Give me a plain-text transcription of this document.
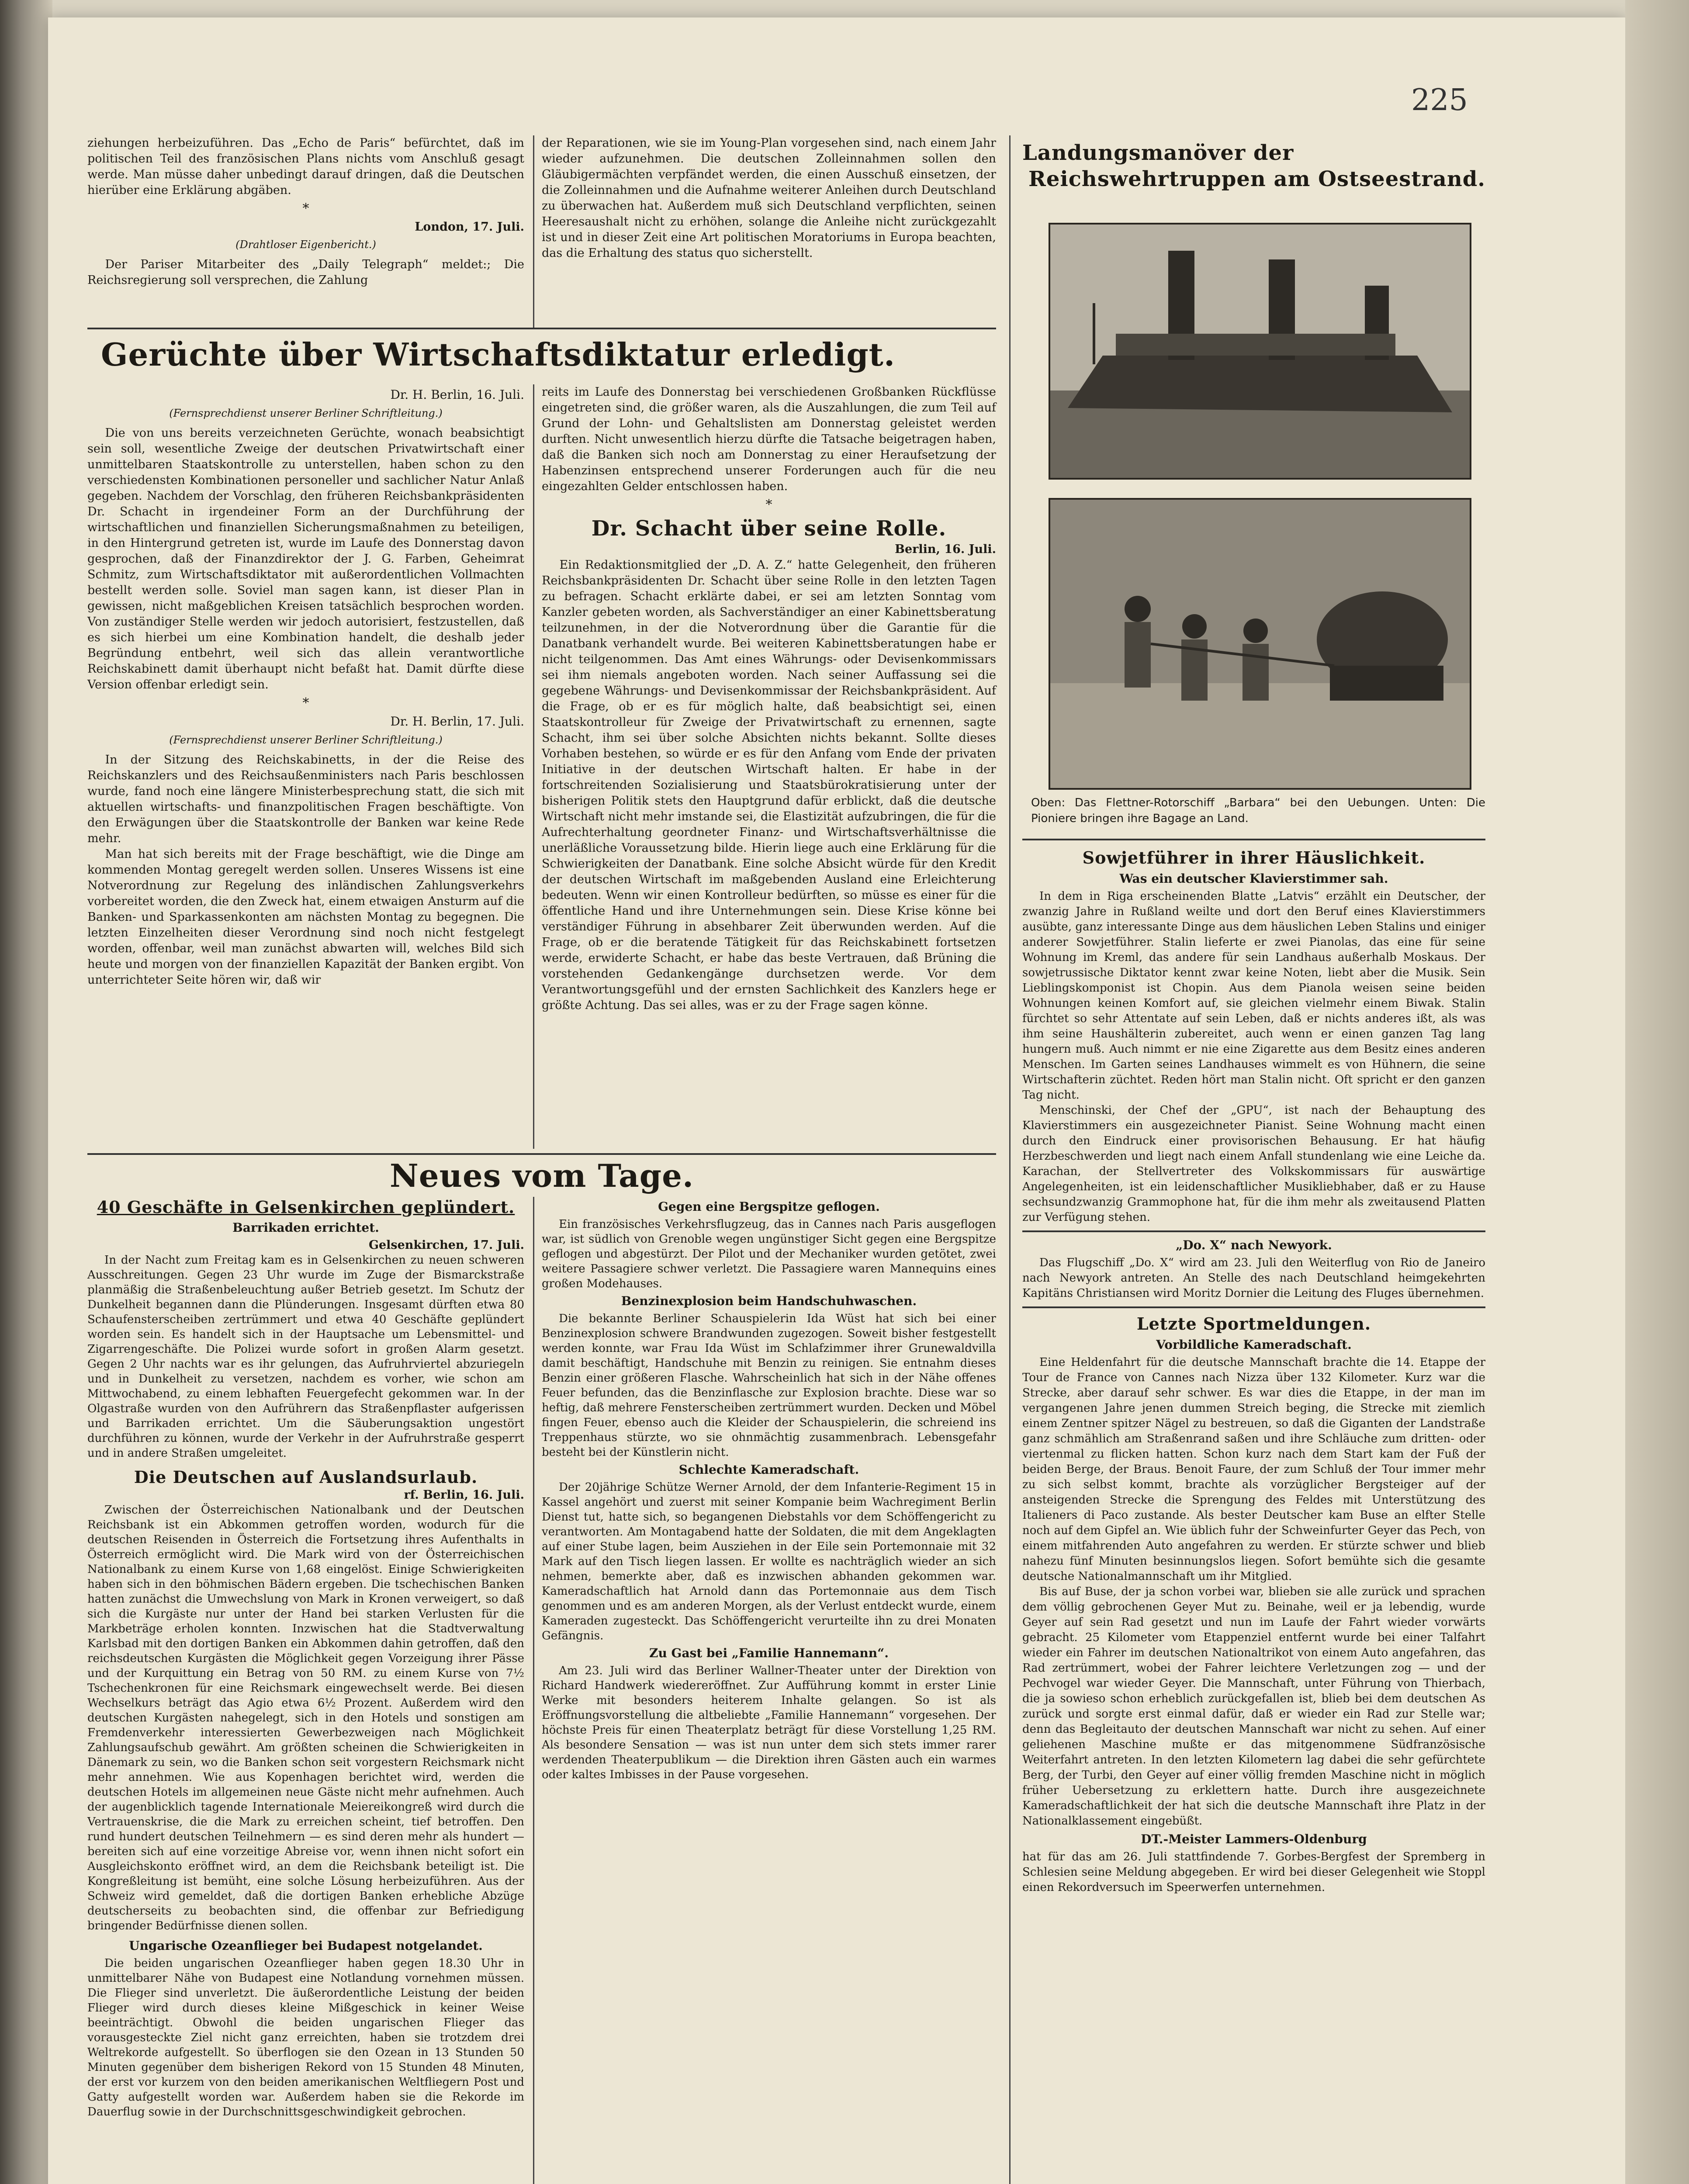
225

ziehungen herbeizuführen. Das „Echo de Paris“ befürchtet, daß im politischen Teil des französischen Plans nichts vom Anschluß gesagt werde. Man müsse daher unbedingt darauf dringen, daß die Deutschen hierüber eine Erklärung abgäben.

*
London, 17. Juli.
(Drahtloser Eigenbericht.)

Der Pariser Mitarbeiter des „Daily Telegraph“ meldet:; Die Reichsregierung soll versprechen, die Zahlung

der Reparationen, wie sie im Young-Plan vorgesehen sind, nach einem Jahr wieder aufzunehmen. Die deutschen Zolleinnahmen sollen den Gläubigermächten verpfändet werden, die einen Ausschuß einsetzen, der die Zolleinnahmen und die Aufnahme weiterer Anleihen durch Deutschland zu überwachen hat. Außerdem muß sich Deutschland verpflichten, seinen Heeresaushalt nicht zu erhöhen, solange die Anleihe nicht zurückgezahlt ist und in dieser Zeit eine Art politischen Moratoriums in Europa beachten, das die Erhaltung des status quo sicherstellt.

Gerüchte über Wirtschaftsdiktatur erledigt.
Dr. H. Berlin, 16. Juli.
(Fernsprechdienst unserer Berliner Schriftleitung.)

Die von uns bereits verzeichneten Gerüchte, wonach beabsichtigt sein soll, wesentliche Zweige der deutschen Privatwirtschaft einer unmittelbaren Staatskontrolle zu unterstellen, haben schon zu den verschiedensten Kombinationen personeller und sachlicher Natur Anlaß gegeben. Nachdem der Vorschlag, den früheren Reichsbankpräsidenten Dr. Schacht in irgendeiner Form an der Durchführung der wirtschaftlichen und finanziellen Sicherungsmaßnahmen zu beteiligen, in den Hintergrund getreten ist, wurde im Laufe des Donnerstag davon gesprochen, daß der Finanzdirektor der J. G. Farben, Geheimrat Schmitz, zum Wirtschaftsdiktator mit außerordentlichen Vollmachten bestellt werden solle. Soviel man sagen kann, ist dieser Plan in gewissen, nicht maßgeblichen Kreisen tatsächlich besprochen worden. Von zuständiger Stelle werden wir jedoch autorisiert, festzustellen, daß es sich hierbei um eine Kombination handelt, die deshalb jeder Begründung entbehrt, weil sich das allein verantwortliche Reichskabinett damit überhaupt nicht befaßt hat. Damit dürfte diese Version offenbar erledigt sein.

*
Dr. H. Berlin, 17. Juli.
(Fernsprechdienst unserer Berliner Schriftleitung.)

In der Sitzung des Reichskabinetts, in der die Reise des Reichskanzlers und des Reichsaußenministers nach Paris beschlossen wurde, fand noch eine längere Ministerbesprechung statt, die sich mit aktuellen wirtschafts- und finanzpolitischen Fragen beschäftigte. Von den Erwägungen über die Staatskontrolle der Banken war keine Rede mehr.

Man hat sich bereits mit der Frage beschäftigt, wie die Dinge am kommenden Montag geregelt werden sollen. Unseres Wissens ist eine Notverordnung zur Regelung des inländischen Zahlungsverkehrs vorbereitet worden, die den Zweck hat, einem etwaigen Ansturm auf die Banken- und Sparkassenkonten am nächsten Montag zu begegnen. Die letzten Einzelheiten dieser Verordnung sind noch nicht festgelegt worden, offenbar, weil man zunächst abwarten will, welches Bild sich heute und morgen von der finanziellen Kapazität der Banken ergibt. Von unterrichteter Seite hören wir, daß wir

reits im Laufe des Donnerstag bei verschiedenen Großbanken Rückflüsse eingetreten sind, die größer waren, als die Auszahlungen, die zum Teil auf Grund der Lohn- und Gehaltslisten am Donnerstag geleistet werden durften. Nicht unwesentlich hierzu dürfte die Tatsache beigetragen haben, daß die Banken sich noch am Donnerstag zu einer Heraufsetzung der Habenzinsen entsprechend unserer Forderungen auch für die neu eingezahlten Gelder entschlossen haben.

*
Dr. Schacht über seine Rolle.
Berlin, 16. Juli.

Ein Redaktionsmitglied der „D. A. Z.“ hatte Gelegenheit, den früheren Reichsbankpräsidenten Dr. Schacht über seine Rolle in den letzten Tagen zu befragen. Schacht erklärte dabei, er sei am letzten Sonntag vom Kanzler gebeten worden, als Sachverständiger an einer Kabinettsberatung teilzunehmen, in der die Notverordnung über die Garantie für die Danatbank verhandelt wurde. Bei weiteren Kabinettsberatungen habe er nicht teilgenommen. Das Amt eines Währungs- oder Devisenkommissars sei ihm niemals angeboten worden. Nach seiner Auffassung sei die gegebene Währungs- und Devisenkommissar der Reichsbankpräsident. Auf die Frage, ob er es für möglich halte, daß beabsichtigt sei, einen Staatskontrolleur für Zweige der Privatwirtschaft zu ernennen, sagte Schacht, ihm sei über solche Absichten nichts bekannt. Sollte dieses Vorhaben bestehen, so würde er es für den Anfang vom Ende der privaten Initiative in der deutschen Wirtschaft halten. Er habe in der fortschreitenden Sozialisierung und Staatsbürokratisierung unter der bisherigen Politik stets den Hauptgrund dafür erblickt, daß die deutsche Wirtschaft nicht mehr imstande sei, die Elastizität aufzubringen, die für die Aufrechterhaltung geordneter Finanz- und Wirtschaftsverhältnisse die unerläßliche Voraussetzung bilde. Hierin liege auch eine Erklärung für die Schwierigkeiten der Danatbank. Eine solche Absicht würde für den Kredit der deutschen Wirtschaft im maßgebenden Ausland eine Erleichterung bedeuten. Wenn wir einen Kontrolleur bedürften, so müsse es einer für die öffentliche Hand und ihre Unternehmungen sein. Diese Krise könne bei verständiger Führung in absehbarer Zeit überwunden werden. Auf die Frage, ob er die beratende Tätigkeit für das Reichskabinett fortsetzen werde, erwiderte Schacht, er habe das beste Vertrauen, daß Brüning die vorstehenden Gedankengänge durchsetzen werde. Vor dem Verantwortungsgefühl und der ernsten Sachlichkeit des Kanzlers hege er größte Achtung. Das sei alles, was er zu der Frage sagen könne.

Neues vom Tage.
40 Geschäfte in Gelsenkirchen geplündert.
Barrikaden errichtet.
Gelsenkirchen, 17. Juli.

In der Nacht zum Freitag kam es in Gelsenkirchen zu neuen schweren Ausschreitungen. Gegen 23 Uhr wurde im Zuge der Bismarckstraße planmäßig die Straßenbeleuchtung außer Betrieb gesetzt. Im Schutz der Dunkelheit begannen dann die Plünderungen. Insgesamt dürften etwa 80 Schaufensterscheiben zertrümmert und etwa 40 Geschäfte geplündert worden sein. Es handelt sich in der Hauptsache um Lebensmittel- und Zigarrengeschäfte. Die Polizei wurde sofort in großen Alarm gesetzt. Gegen 2 Uhr nachts war es ihr gelungen, das Aufruhrviertel abzuriegeln und in Dunkelheit zu versetzen, nachdem es vorher, wie schon am Mittwochabend, zu einem lebhaften Feuergefecht gekommen war. In der Olgastraße wurden von den Aufrührern das Straßenpflaster aufgerissen und Barrikaden errichtet. Um die Säuberungsaktion ungestört durchführen zu können, wurde der Verkehr in der Aufruhrstraße gesperrt und in andere Straßen umgeleitet.

Die Deutschen auf Auslandsurlaub.
rf. Berlin, 16. Juli.

Zwischen der Österreichischen Nationalbank und der Deutschen Reichsbank ist ein Abkommen getroffen worden, wodurch für die deutschen Reisenden in Österreich die Fortsetzung ihres Aufenthalts in Österreich ermöglicht wird. Die Mark wird von der Österreichischen Nationalbank zu einem Kurse von 1,68 eingelöst. Einige Schwierigkeiten haben sich in den böhmischen Bädern ergeben. Die tschechischen Banken hatten zunächst die Umwechslung von Mark in Kronen verweigert, so daß sich die Kurgäste nur unter der Hand bei starken Verlusten für die Markbeträge erholen konnten. Inzwischen hat die Stadtverwaltung Karlsbad mit den dortigen Banken ein Abkommen dahin getroffen, daß den reichsdeutschen Kurgästen die Möglichkeit gegen Vorzeigung ihrer Pässe und der Kurquittung ein Betrag von 50 RM. zu einem Kurse von 7½ Tschechenkronen für eine Reichsmark eingewechselt werde. Bei diesen Wechselkurs beträgt das Agio etwa 6½ Prozent. Außerdem wird den deutschen Kurgästen nahegelegt, sich in den Hotels und sonstigen am Fremdenverkehr interessierten Gewerbezweigen nach Möglichkeit Zahlungsaufschub gewährt. Am größten scheinen die Schwierigkeiten in Dänemark zu sein, wo die Banken schon seit vorgestern Reichsmark nicht mehr annehmen. Wie aus Kopenhagen berichtet wird, werden die deutschen Hotels im allgemeinen neue Gäste nicht mehr aufnehmen. Auch der augenblicklich tagende Internationale Meiereikongreß wird durch die Vertrauenskrise, die die Mark zu erreichen scheint, tief betroffen. Den rund hundert deutschen Teilnehmern — es sind deren mehr als hundert — bereiten sich auf eine vorzeitige Abreise vor, wenn ihnen nicht sofort ein Ausgleichskonto eröffnet wird, an dem die Reichsbank beteiligt ist. Die Kongreßleitung ist bemüht, eine solche Lösung herbeizuführen. Aus der Schweiz wird gemeldet, daß die dortigen Banken erhebliche Abzüge deutscherseits zu beobachten sind, die offenbar zur Befriedigung bringender Bedürfnisse dienen sollen.

Ungarische Ozeanflieger bei Budapest notgelandet.

Die beiden ungarischen Ozeanflieger haben gegen 18.30 Uhr in unmittelbarer Nähe von Budapest eine Notlandung vornehmen müssen. Die Flieger sind unverletzt. Die äußerordentliche Leistung der beiden Flieger wird durch dieses kleine Mißgeschick in keiner Weise beeinträchtigt. Obwohl die beiden ungarischen Flieger das vorausgesteckte Ziel nicht ganz erreichten, haben sie trotzdem drei Weltrekorde aufgestellt. So überflogen sie den Ozean in 13 Stunden 50 Minuten gegenüber dem bisherigen Rekord von 15 Stunden 48 Minuten, der erst vor kurzem von den beiden amerikanischen Weltfliegern Post und Gatty aufgestellt worden war. Außerdem haben sie die Rekorde im Dauerflug sowie in der Durchschnittsgeschwindigkeit gebrochen.

Gegen eine Bergspitze geflogen.

Ein französisches Verkehrsflugzeug, das in Cannes nach Paris ausgeflogen war, ist südlich von Grenoble wegen ungünstiger Sicht gegen eine Bergspitze geflogen und abgestürzt. Der Pilot und der Mechaniker wurden getötet, zwei weitere Passagiere schwer verletzt. Die Passagiere waren Mannequins eines großen Modehauses.

Benzinexplosion beim Handschuhwaschen.

Die bekannte Berliner Schauspielerin Ida Wüst hat sich bei einer Benzinexplosion schwere Brandwunden zugezogen. Soweit bisher festgestellt werden konnte, war Frau Ida Wüst im Schlafzimmer ihrer Grunewaldvilla damit beschäftigt, Handschuhe mit Benzin zu reinigen. Sie entnahm dieses Benzin einer größeren Flasche. Wahrscheinlich hat sich in der Nähe offenes Feuer befunden, das die Benzinflasche zur Explosion brachte. Diese war so heftig, daß mehrere Fensterscheiben zertrümmert wurden. Decken und Möbel fingen Feuer, ebenso auch die Kleider der Schauspielerin, die schreiend ins Treppenhaus stürzte, wo sie ohnmächtig zusammenbrach. Lebensgefahr besteht bei der Künstlerin nicht.

Schlechte Kameradschaft.

Der 20jährige Schütze Werner Arnold, der dem Infanterie-Regiment 15 in Kassel angehört und zuerst mit seiner Kompanie beim Wachregiment Berlin Dienst tut, hatte sich, so begangenen Diebstahls vor dem Schöffengericht zu verantworten. Am Montagabend hatte der Soldaten, die mit dem Angeklagten auf einer Stube lagen, beim Ausziehen in der Eile sein Portemonnaie mit 32 Mark auf den Tisch liegen lassen. Er wollte es nachträglich wieder an sich nehmen, bemerkte aber, daß es inzwischen abhanden gekommen war. Kameradschaftlich hat Arnold dann das Portemonnaie aus dem Tisch genommen und es am anderen Morgen, als der Verlust entdeckt wurde, einem Kameraden zugesteckt. Das Schöffengericht verurteilte ihn zu drei Monaten Gefängnis.

Zu Gast bei „Familie Hannemann“.

Am 23. Juli wird das Berliner Wallner-Theater unter der Direktion von Richard Handwerk wiedereröffnet. Zur Aufführung kommt in erster Linie Werke mit besonders heiterem Inhalte gelangen. So ist als Eröffnungsvorstellung die altbeliebte „Familie Hannemann“ vorgesehen. Der höchste Preis für einen Theaterplatz beträgt für diese Vorstellung 1,25 RM. Als besondere Sensation — was ist nun unter dem sich stets immer rarer werdenden Theaterpublikum — die Direktion ihren Gästen auch ein warmes oder kaltes Imbisses in der Pause vorgesehen.

Landungsmanöver der
Reichswehrtruppen am Ostseestrand.
Oben: Das Flettner-Rotorschiff „Barbara“ bei den Uebungen. Unten: Die Pioniere bringen ihre Bagage an Land.
Sowjetführer in ihrer Häuslichkeit.
Was ein deutscher Klavierstimmer sah.

In dem in Riga erscheinenden Blatte „Latvis“ erzählt ein Deutscher, der zwanzig Jahre in Rußland weilte und dort den Beruf eines Klavierstimmers ausübte, ganz interessante Dinge aus dem häuslichen Leben Stalins und einiger anderer Sowjetführer. Stalin lieferte er zwei Pianolas, das eine für seine Wohnung im Kreml, das andere für sein Landhaus außerhalb Moskaus. Der sowjetrussische Diktator kennt zwar keine Noten, liebt aber die Musik. Sein Lieblingskomponist ist Chopin. Aus dem Pianola weisen seine beiden Wohnungen keinen Komfort auf, sie gleichen vielmehr einem Biwak. Stalin fürchtet so sehr Attentate auf sein Leben, daß er nichts anderes ißt, als was ihm seine Haushälterin zubereitet, auch wenn er einen ganzen Tag lang hungern muß. Auch nimmt er nie eine Zigarette aus dem Besitz eines anderen Menschen. Im Garten seines Landhauses wimmelt es von Hühnern, die seine Wirtschafterin züchtet. Reden hört man Stalin nicht. Oft spricht er den ganzen Tag nicht.

Menschinski, der Chef der „GPU“, ist nach der Behauptung des Klavierstimmers ein ausgezeichneter Pianist. Seine Wohnung macht einen durch den Eindruck einer provisorischen Behausung. Er hat häufig Herzbeschwerden und liegt nach einem Anfall stundenlang wie eine Leiche da. Karachan, der Stellvertreter des Volkskommissars für auswärtige Angelegenheiten, ist ein leidenschaftlicher Musikliebhaber, daß er zu Hause sechsundzwanzig Grammophone hat, für die ihm mehr als zweitausend Platten zur Verfügung stehen.

„Do. X“ nach Newyork.

Das Flugschiff „Do. X“ wird am 23. Juli den Weiterflug von Rio de Janeiro nach Newyork antreten. An Stelle des nach Deutschland heimgekehrten Kapitäns Christiansen wird Moritz Dornier die Leitung des Fluges übernehmen.

Letzte Sportmeldungen.
Vorbildliche Kameradschaft.

Eine Heldenfahrt für die deutsche Mannschaft brachte die 14. Etappe der Tour de France von Cannes nach Nizza über 132 Kilometer. Kurz war die Strecke, aber darauf sehr schwer. Es war dies die Etappe, in der man im vergangenen Jahre jenen dummen Streich beging, die Strecke mit ziemlich einem Zentner spitzer Nägel zu bestreuen, so daß die Giganten der Landstraße ganz schmählich am Straßenrand saßen und ihre Schläuche zum dritten- oder viertenmal zu flicken hatten. Schon kurz nach dem Start kam der Fuß der beiden Berge, der Braus. Benoit Faure, der zum Schluß der Tour immer mehr zu sich selbst kommt, brachte als vorzüglicher Bergsteiger auf der ansteigenden Strecke die Sprengung des Feldes mit Unterstützung des Italieners di Paco zustande. Als bester Deutscher kam Buse an elfter Stelle noch auf dem Gipfel an. Wie üblich fuhr der Schweinfurter Geyer das Pech, von einem mitfahrenden Auto angefahren zu werden. Er stürzte schwer und blieb nahezu fünf Minuten besinnungslos liegen. Sofort bemühte sich die gesamte deutsche Nationalmannschaft um ihr Mitglied.

Bis auf Buse, der ja schon vorbei war, blieben sie alle zurück und sprachen dem völlig gebrochenen Geyer Mut zu. Beinahe, weil er ja lebendig, wurde Geyer auf sein Rad gesetzt und nun im Laufe der Fahrt wieder vorwärts gebracht. 25 Kilometer vom Etappenziel entfernt wurde bei einer Talfahrt wieder ein Fahrer im deutschen Nationaltrikot von einem Auto angefahren, das Rad zertrümmert, wobei der Fahrer leichtere Verletzungen zog — und der Pechvogel war wieder Geyer. Die Mannschaft, unter Führung von Thierbach, die ja sowieso schon erheblich zurückgefallen ist, blieb bei dem deutschen As zurück und sorgte erst einmal dafür, daß er wieder ein Rad zur Stelle war; denn das Begleitauto der deutschen Mannschaft war nicht zu sehen. Auf einer geliehenen Maschine mußte er das mitgenommene Südfranzösische Weiterfahrt antreten. In den letzten Kilometern lag dabei die sehr gefürchtete Berg, der Turbi, den Geyer auf einer völlig fremden Maschine nicht in möglich früher Uebersetzung zu erklettern hatte. Durch ihre ausgezeichnete Kameradschaftlichkeit der hat sich die deutsche Mannschaft ihre Platz in der Nationalklassement eingebüßt.

DT.-Meister Lammers-Oldenburg

hat für das am 26. Juli stattfindende 7. Gorbes-Bergfest der Spremberg in Schlesien seine Meldung abgegeben. Er wird bei dieser Gelegenheit wie Stoppl einen Rekordversuch im Speerwerfen unternehmen.
